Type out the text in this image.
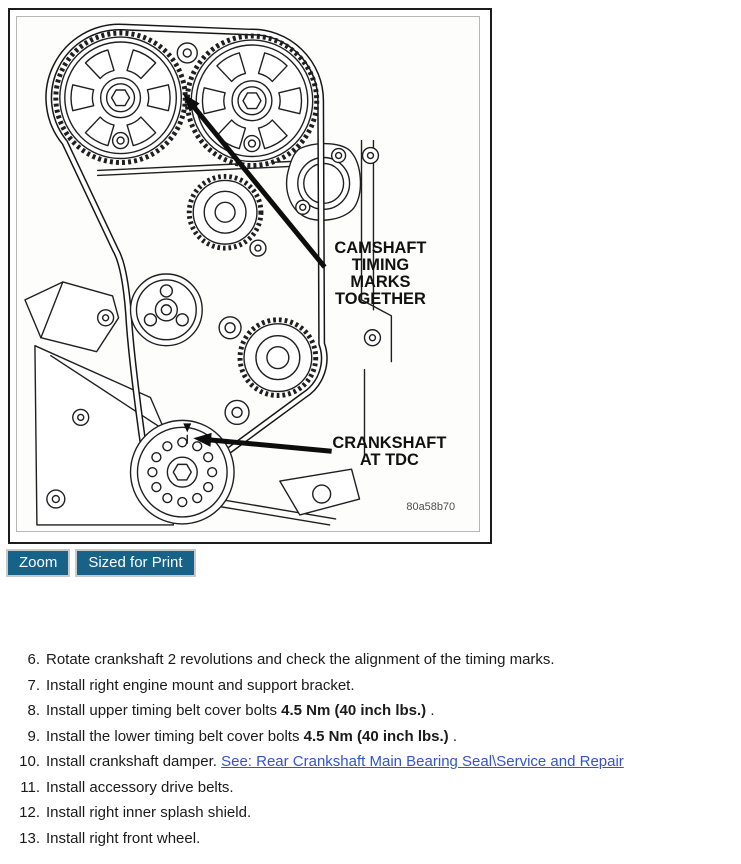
CAMSHAFT
TIMING
MARKS
TOGETHER
CRANKSHAFT
AT TDC
80a58b70
Zoom	Sized for Print
6. Rotate crankshaft 2 revolutions and check the alignment of the timing marks.
7. Install right engine mount and support bracket.
8. Install upper timing belt cover bolts 4.5 Nm (40 inch lbs.) .
9. Install the lower timing belt cover bolts 4.5 Nm (40 inch lbs.) .
10. Install crankshaft damper. See: Rear Crankshaft Main Bearing Seal\Service and Repair
11. Install accessory drive belts.
12. Install right inner splash shield.
13. Install right front wheel.
